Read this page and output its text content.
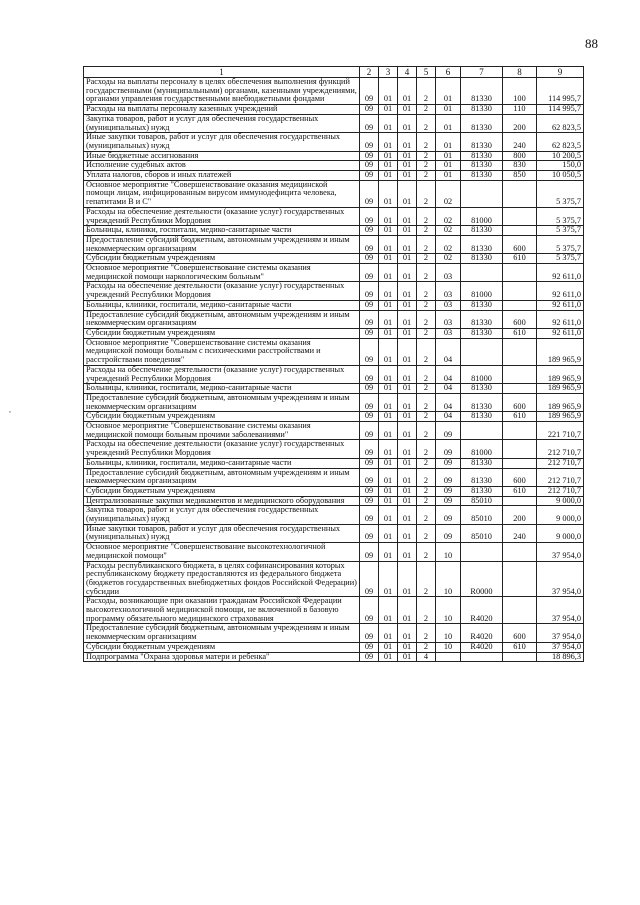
88
1	2	3	4	5	6	7	8	9
Расходы на выплаты персоналу в целях обеспечения выполнения функций государственными (муниципальными) органами, казенными учреждениями, органами управления государственными внебюджетными фондами	09	01	01	2	01	81330	100	114 995,7
Расходы на выплаты персоналу казенных учреждений	09	01	01	2	01	81330	110	114 995,7
Закупка товаров, работ и услуг для обеспечения государственных (муниципальных) нужд	09	01	01	2	01	81330	200	62 823,5
Иные закупки товаров, работ и услуг для обеспечения государственных (муниципальных) нужд	09	01	01	2	01	81330	240	62 823,5
Иные бюджетные ассигнования	09	01	01	2	01	81330	800	10 200,5
Исполнение судебных актов	09	01	01	2	01	81330	830	150,0
Уплата налогов, сборов и иных платежей	09	01	01	2	01	81330	850	10 050,5
Основное мероприятие "Совершенствование оказания медицинской помощи лицам, инфицированным вирусом иммунодефицита человека, гепатитами В и С"	09	01	01	2	02			5 375,7
Расходы на обеспечение деятельности (оказание услуг) государственных учреждений Республики Мордовия	09	01	01	2	02	81000		5 375,7
Больницы, клиники, госпитали, медико-санитарные части	09	01	01	2	02	81330		5 375,7
Предоставление субсидий бюджетным, автономным учреждениям и иным некоммерческим организациям	09	01	01	2	02	81330	600	5 375,7
Субсидии бюджетным учреждениям	09	01	01	2	02	81330	610	5 375,7
Основное мероприятие "Совершенствование системы оказания медицинской помощи наркологическим больным"	09	01	01	2	03			92 611,0
Расходы на обеспечение деятельности (оказание услуг) государственных учреждений Республики Мордовия	09	01	01	2	03	81000		92 611,0
Больницы, клиники, госпитали, медико-санитарные части	09	01	01	2	03	81330		92 611,0
Предоставление субсидий бюджетным, автономным учреждениям и иным некоммерческим организациям	09	01	01	2	03	81330	600	92 611,0
Субсидии бюджетным учреждениям	09	01	01	2	03	81330	610	92 611,0
Основное мероприятие "Совершенствование системы оказания медицинской помощи больным с психическими расстройствами и расстройствами поведения"	09	01	01	2	04			189 965,9
Расходы на обеспечение деятельности (оказание услуг) государственных учреждений Республики Мордовия	09	01	01	2	04	81000		189 965,9
Больницы, клиники, госпитали, медико-санитарные части	09	01	01	2	04	81330		189 965,9
Предоставление субсидий бюджетным, автономным учреждениям и иным некоммерческим организациям	09	01	01	2	04	81330	600	189 965,9
Субсидии бюджетным учреждениям	09	01	01	2	04	81330	610	189 965,9
Основное мероприятие "Совершенствование системы оказания медицинской помощи больным прочими заболеваниями"	09	01	01	2	09			221 710,7
Расходы на обеспечение деятельности (оказание услуг) государственных учреждений Республики Мордовия	09	01	01	2	09	81000		212 710,7
Больницы, клиники, госпитали, медико-санитарные части	09	01	01	2	09	81330		212 710,7
Предоставление субсидий бюджетным, автономным учреждениям и иным некоммерческим организациям	09	01	01	2	09	81330	600	212 710,7
Субсидии бюджетным учреждениям	09	01	01	2	09	81330	610	212 710,7
Централизованные закупки медикаментов и медицинского оборудования	09	01	01	2	09	85010		9 000,0
Закупка товаров, работ и услуг для обеспечения государственных (муниципальных) нужд	09	01	01	2	09	85010	200	9 000,0
Иные закупки товаров, работ и услуг для обеспечения государственных (муниципальных) нужд	09	01	01	2	09	85010	240	9 000,0
Основное мероприятие "Совершенствование высокотехнологичной медицинской помощи"	09	01	01	2	10			37 954,0
Расходы республиканского бюджета, в целях софинансирования которых республиканскому бюджету предоставляются из федерального бюджета (бюджетов государственных внебюджетных фондов Российской Федерации) субсидии	09	01	01	2	10	R0000		37 954,0
Расходы, возникающие при оказании гражданам Российской Федерации высокотехнологичной медицинской помощи, не включенной в базовую программу обязательного медицинского страхования	09	01	01	2	10	R4020		37 954,0
Предоставление субсидий бюджетным, автономным учреждениям и иным некоммерческим организациям	09	01	01	2	10	R4020	600	37 954,0
Субсидии бюджетным учреждениям	09	01	01	2	10	R4020	610	37 954,0
Подпрограмма "Охрана здоровья матери и ребенка"	09	01	01	4				18 896,3
,
